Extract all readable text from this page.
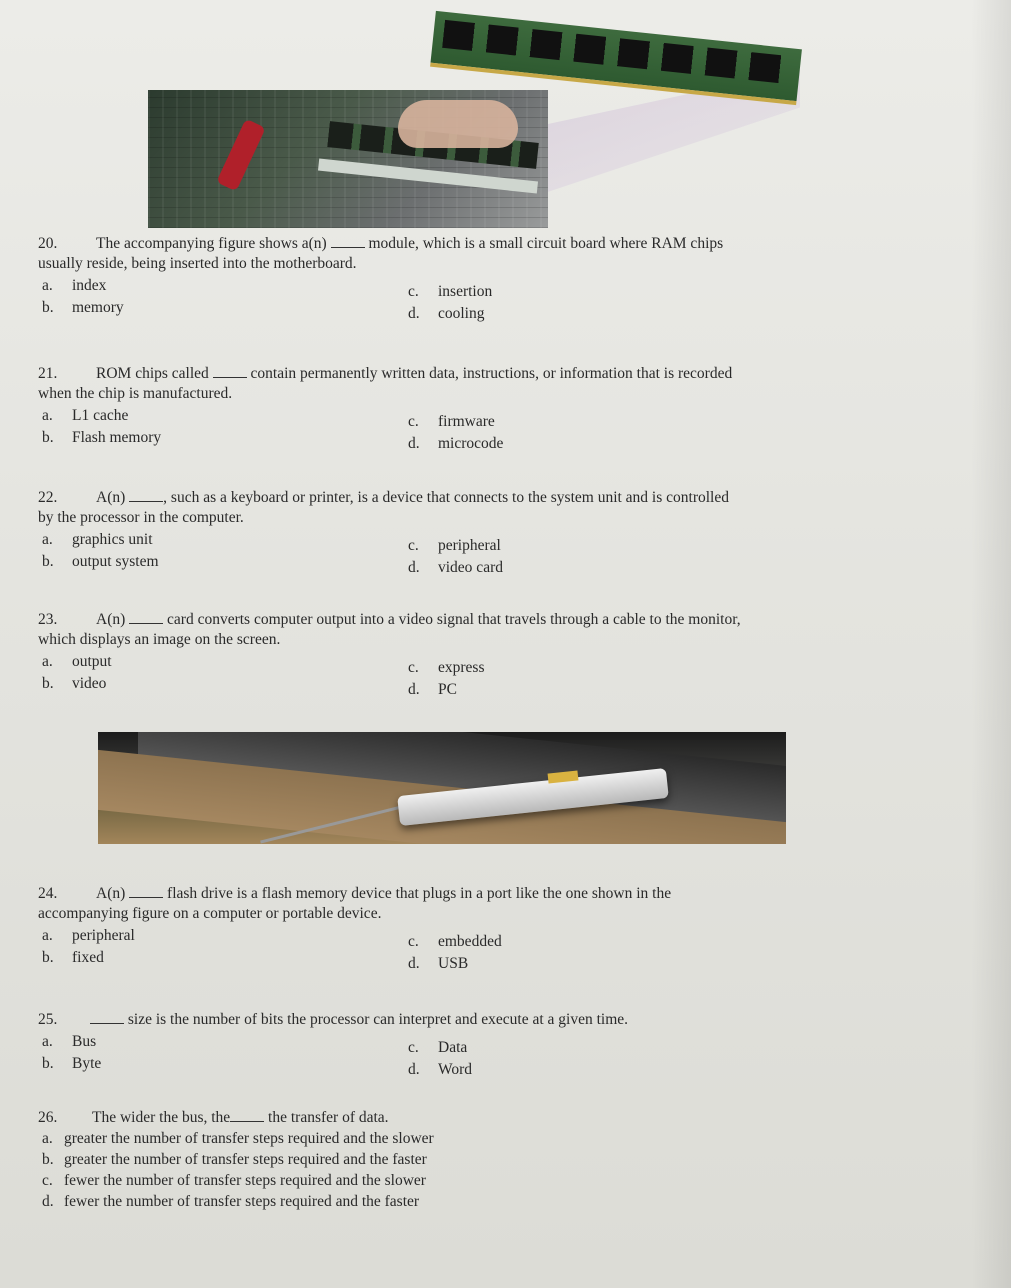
20. The accompanying figure shows a(n)	module, which is a small circuit board where RAM chips

usually reside, being inserted into the motherboard.

a. index
b. memory
c. insertion
d. cooling

21. ROM chips called	contain permanently written data, instructions, or information that is recorded

when the chip is manufactured.

a. L1 cache
b. Flash memory
c. firmware
d. microcode

22. A(n) , such as a keyboard or printer, is a device that connects to the system unit and is controlled

by the processor in the computer.

a. graphics unit
b. output system
c. peripheral
d. video card

23. A(n)	card converts computer output into a video signal that travels through a cable to the monitor,

which displays an image on the screen.

a. output
b. video
c. express
d. PC

24. A(n)	flash drive is a flash memory device that plugs in a port like the one shown in the

accompanying figure on a computer or portable device.

a. peripheral
b. fixed
c. embedded
d. USB

25.	size is the number of bits the processor can interpret and execute at a given time.

a. Bus
b. Byte
c. Data
d. Word

26. The wider the bus, the the transfer of data.

a. greater the number of transfer steps required and the slower
b. greater the number of transfer steps required and the faster
c. fewer the number of transfer steps required and the slower
d. fewer the number of transfer steps required and the faster
